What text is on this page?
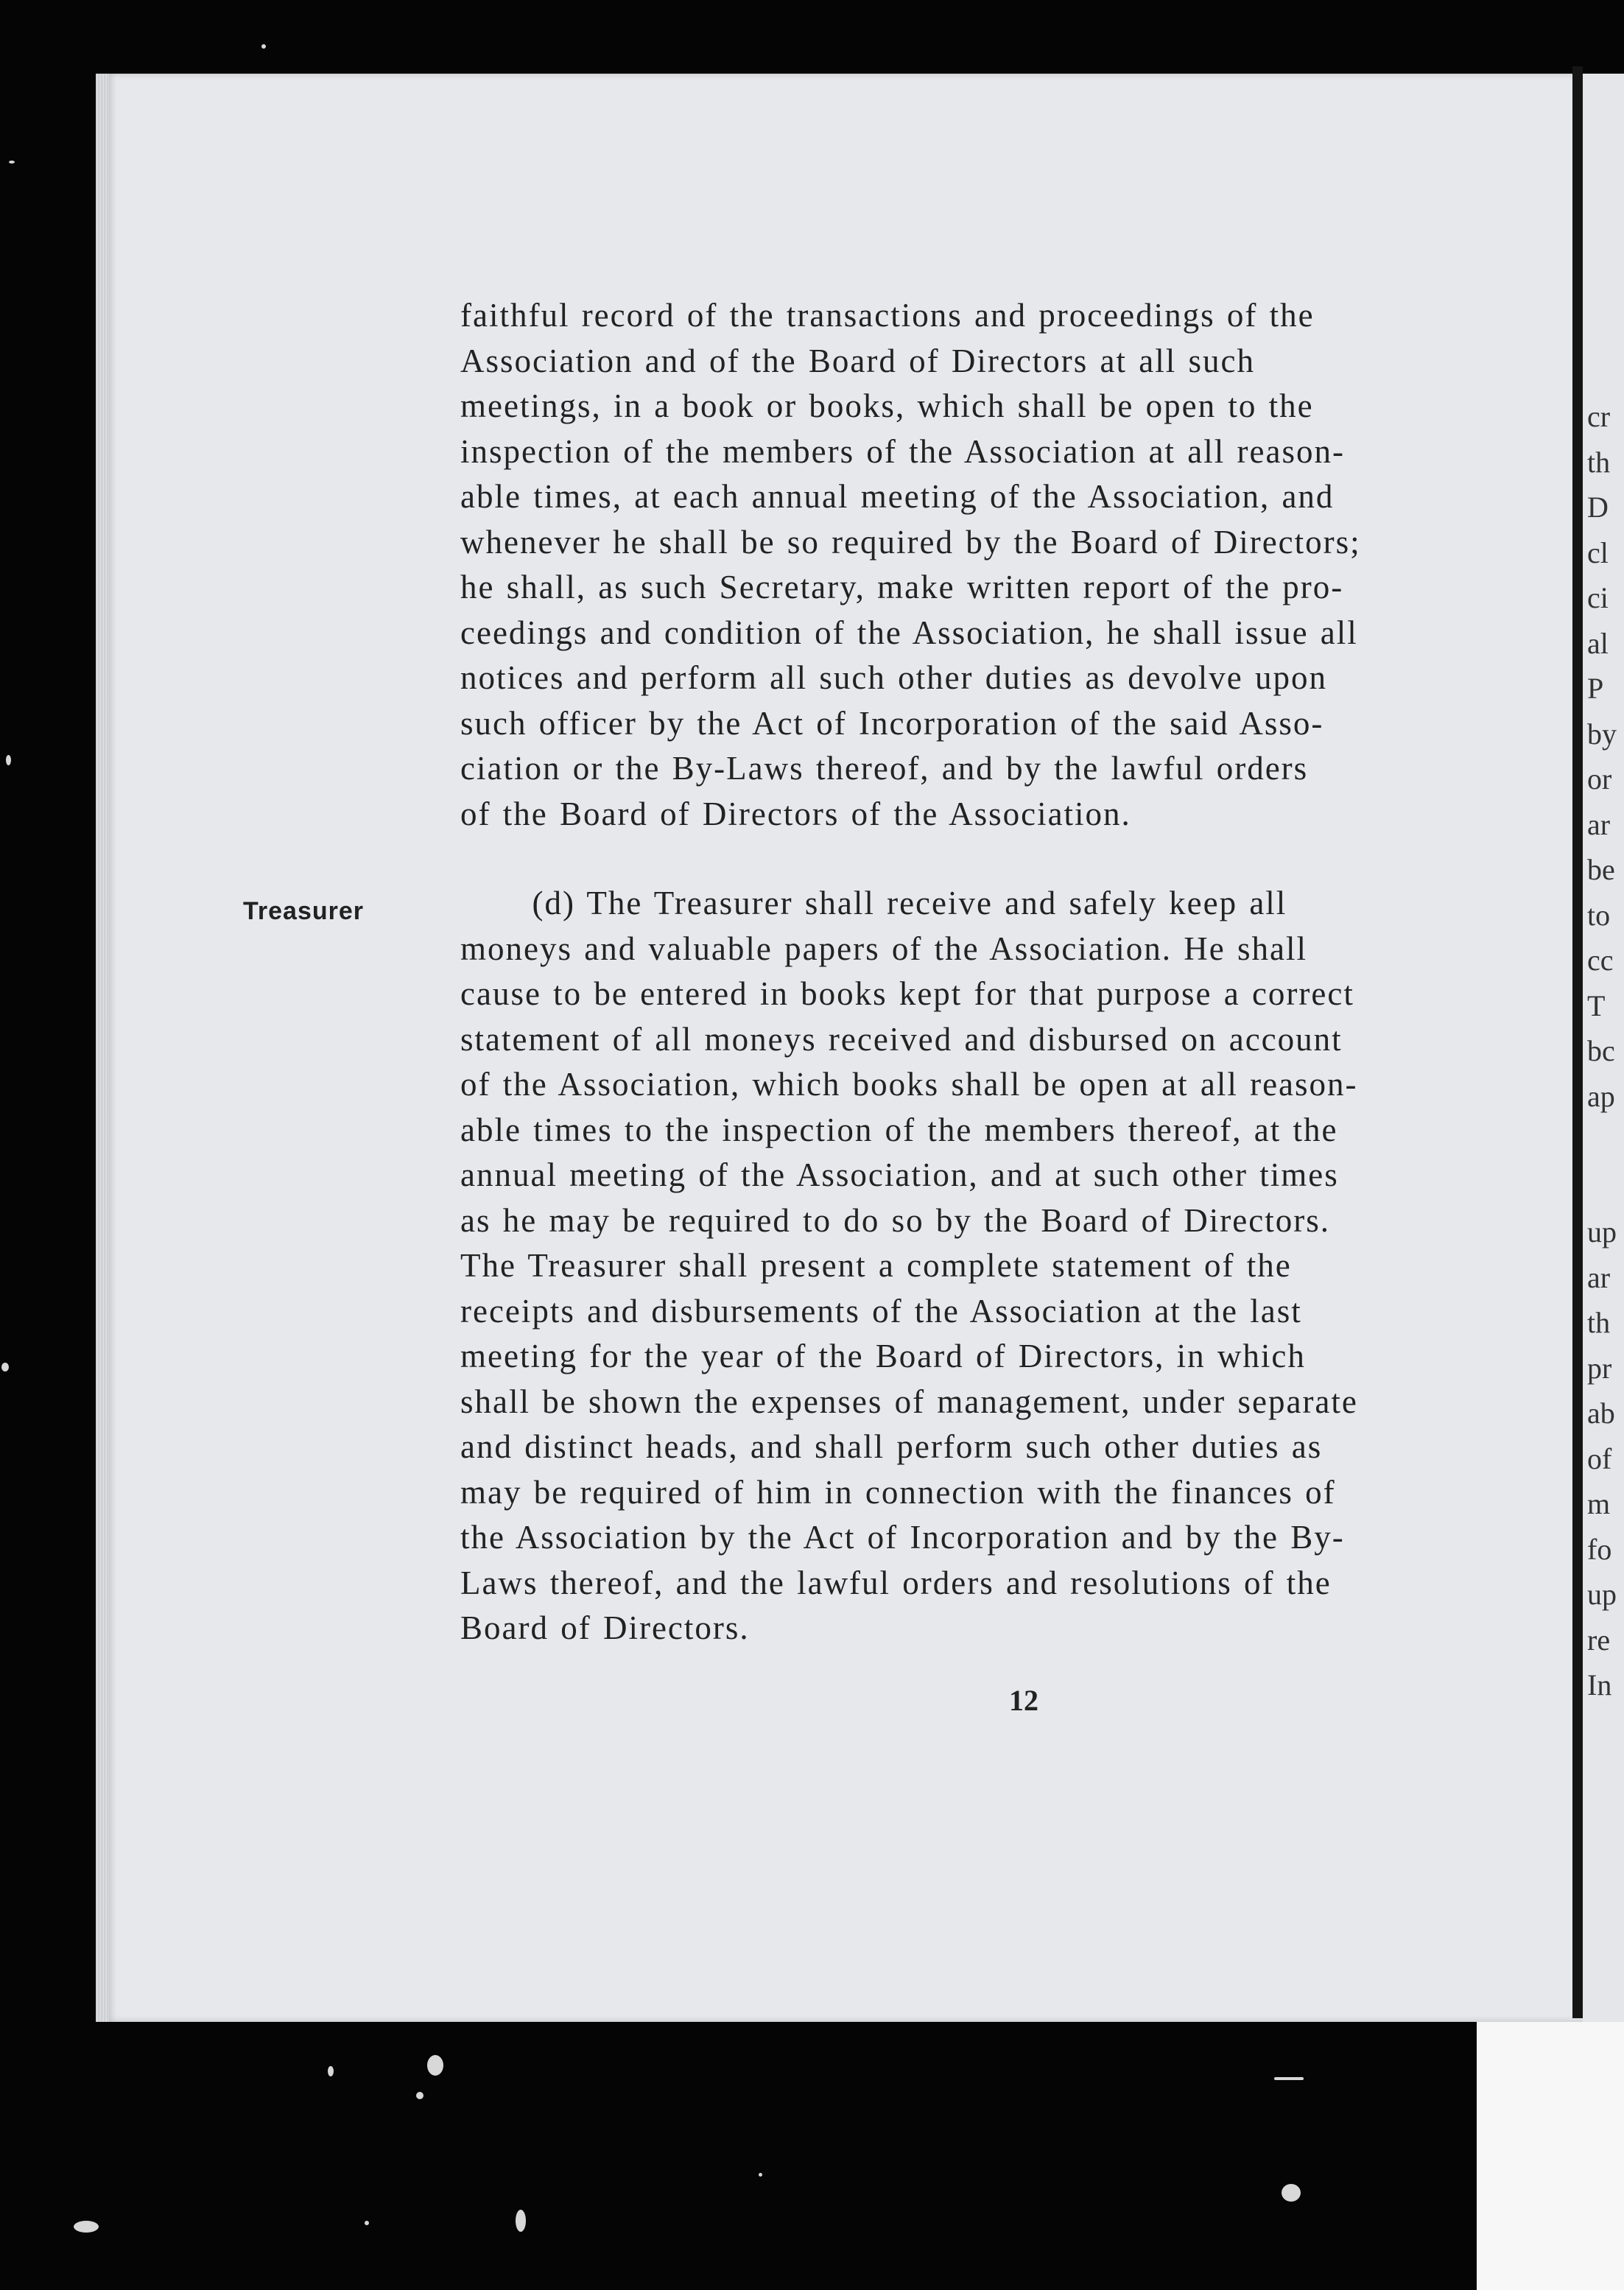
Treasurer
faithful record of the transactions and proceedings of the
Association and of the Board of Directors at all such
meetings, in a book or books, which shall be open to the
inspection of the members of the Association at all reason-
able times, at each annual meeting of the Association, and
whenever he shall be so required by the Board of Directors;
he shall, as such Secretary, make written report of the pro-
ceedings and condition of the Association, he shall issue all
notices and perform all such other duties as devolve upon
such officer by the Act of Incorporation of the said Asso-
ciation or the By-Laws thereof, and by the lawful orders
of the Board of Directors of the Association.
(d) The Treasurer shall receive and safely keep all
moneys and valuable papers of the Association. He shall
cause to be entered in books kept for that purpose a correct
statement of all moneys received and disbursed on account
of the Association, which books shall be open at all reason-
able times to the inspection of the members thereof, at the
annual meeting of the Association, and at such other times
as he may be required to do so by the Board of Directors.
The Treasurer shall present a complete statement of the
receipts and disbursements of the Association at the last
meeting for the year of the Board of Directors, in which
shall be shown the expenses of management, under separate
and distinct heads, and shall perform such other duties as
may be required of him in connection with the finances of
the Association by the Act of Incorporation and by the By-
Laws thereof, and the lawful orders and resolutions of the
Board of Directors.
12
cr
th
D
cl
ci
al
P
by
or
ar
be
to
cc
T
bc
ap

up
ar
th
pr
ab
of
m
fo
up
re
In
